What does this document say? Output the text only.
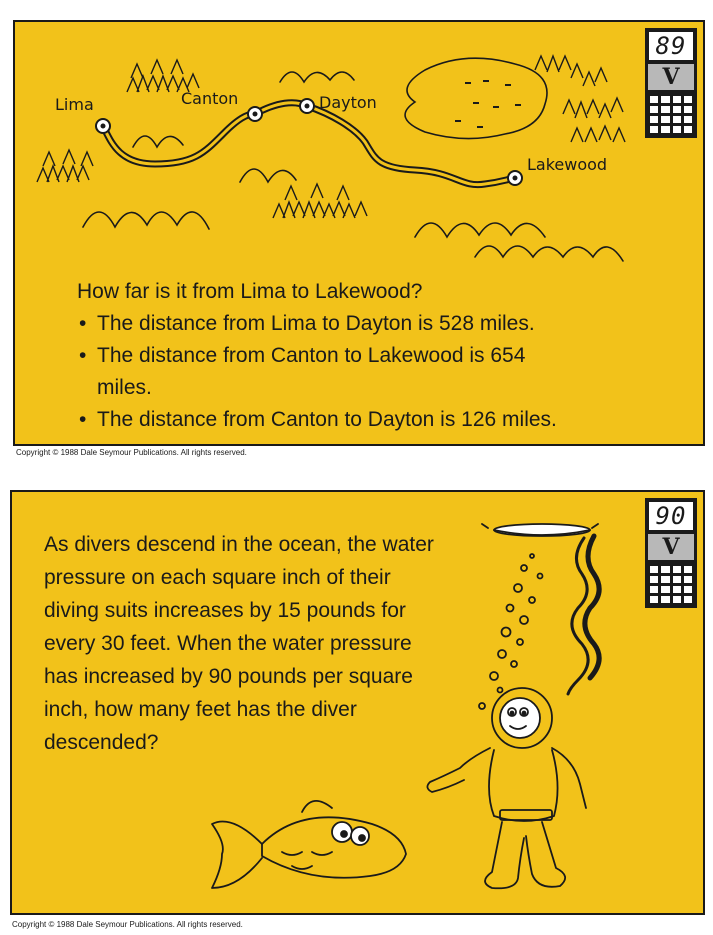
Lima	Canton	Dayton
Lakewood
89
V
How far is it from Lima to Lakewood?
• The distance from Lima to Dayton is 528 miles.
• The distance from Canton to Lakewood is 654 miles.
• The distance from Canton to Dayton is 126 miles.
Copyright © 1988 Dale Seymour Publications. All rights reserved.
90
V
As divers descend in the ocean, the water pressure on each square inch of their diving suits increases by 15 pounds for every 30 feet. When the water pressure has increased by 90 pounds per square inch, how many feet has the diver descended?
Copyright © 1988 Dale Seymour Publications. All rights reserved.
